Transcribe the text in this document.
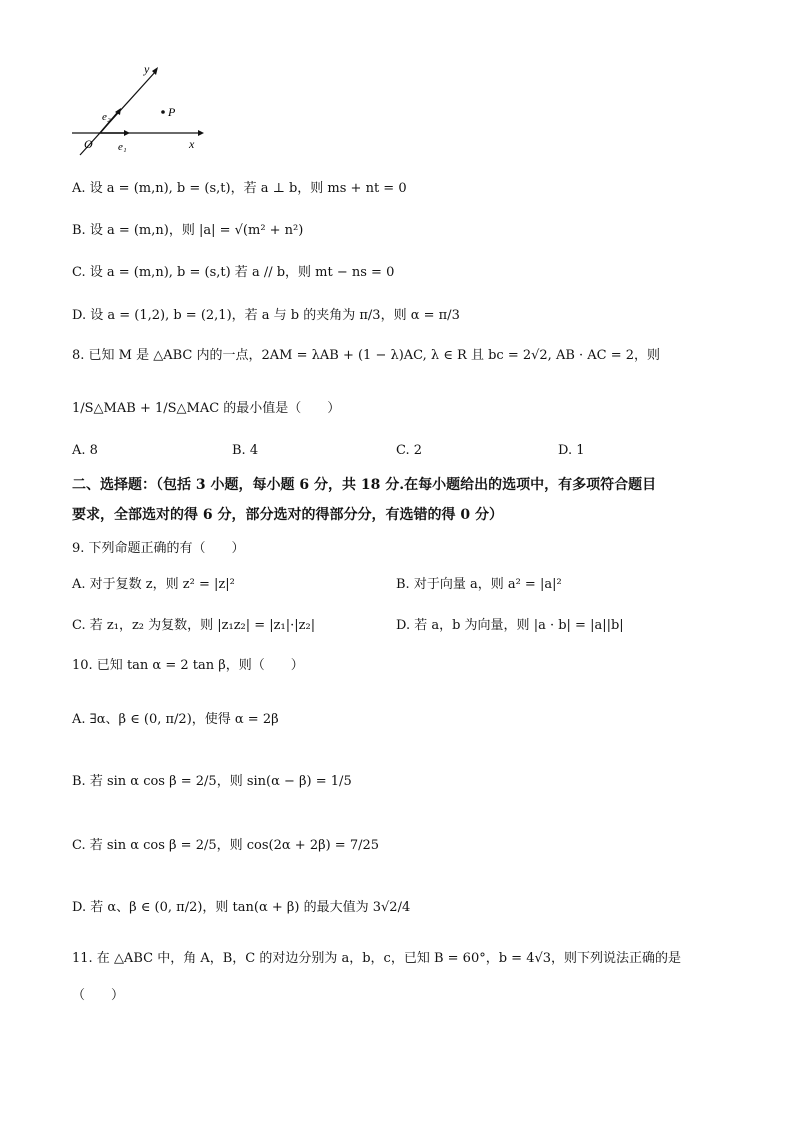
P
y
x
O e₁
e₂
A. 设 a = (m,n), b = (s,t)，若 a ⊥ b，则 ms + nt = 0
B. 设 a = (m,n)，则 |a| = √(m² + n²)
C. 设 a = (m,n), b = (s,t) 若 a // b，则 mt − ns = 0
D. 设 a = (1,2), b = (2,1)，若 a 与 b 的夹角为 π/3，则 α = π/3
8. 已知 M 是 △ABC 内的一点，2AM = λAB + (1 − λ)AC, λ ∈ R 且 bc = 2√2, AB · AC = 2，则
1/S△MAB + 1/S△MAC 的最小值是（　　）
A. 8	B. 4	C. 2	D. 1
二、选择题：（包括 3 小题，每小题 6 分，共 18 分.在每小题给出的选项中，有多项符合题目
要求，全部选对的得 6 分，部分选对的得部分分，有选错的得 0 分）
9. 下列命题正确的有（　　）
A. 对于复数 z，则 z² = |z|²	B. 对于向量 a，则 a² = |a|²
C. 若 z₁，z₂ 为复数，则 |z₁z₂| = |z₁|·|z₂|	D. 若 a，b 为向量，则 |a · b| = |a||b|
10. 已知 tan α = 2 tan β，则（　　）
A. ∃α、β ∈ (0, π/2)，使得 α = 2β
B. 若 sin α cos β = 2/5，则 sin(α − β) = 1/5
C. 若 sin α cos β = 2/5，则 cos(2α + 2β) = 7/25
D. 若 α、β ∈ (0, π/2)，则 tan(α + β) 的最大值为 3√2/4
11. 在 △ABC 中，角 A，B，C 的对边分别为 a，b，c，已知 B = 60°，b = 4√3，则下列说法正确的是
（　　）
